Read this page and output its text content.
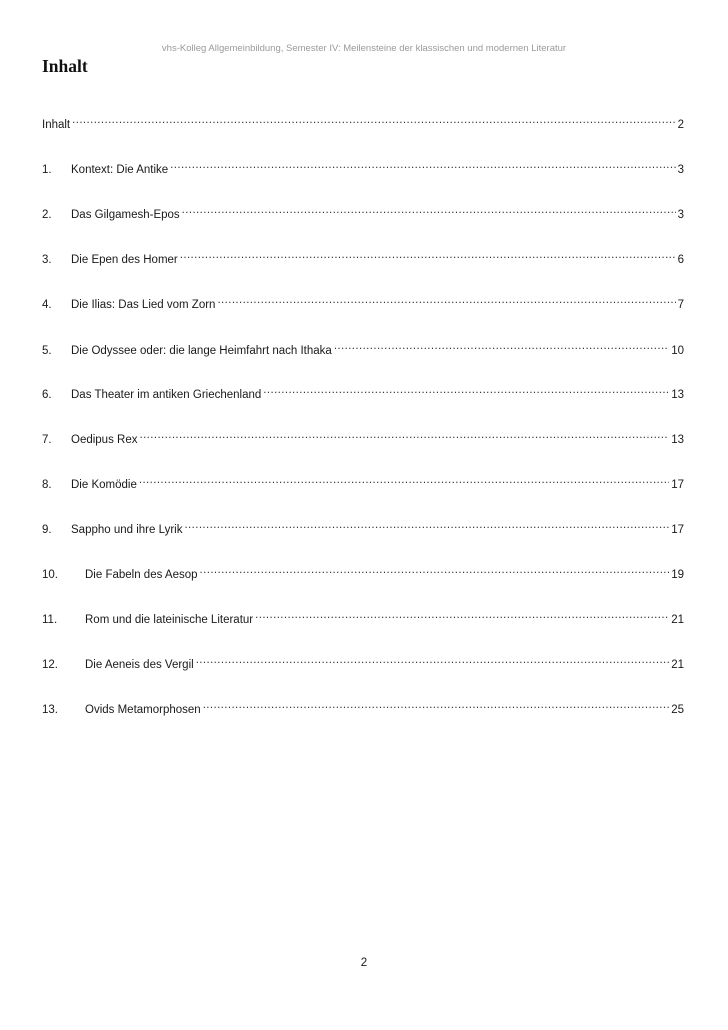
vhs-Kolleg Allgemeinbildung, Semester IV: Meilensteine der klassischen und modernen Literatur
Inhalt
Inhalt .....	2
1.	Kontext: Die Antike .....	3
2.	Das Gilgamesh-Epos .....	3
3.	Die Epen des Homer .....	6
4.	Die Ilias: Das Lied vom Zorn .....	7
5.	Die Odyssee oder: die lange Heimfahrt nach Ithaka .....	10
6.	Das Theater im antiken Griechenland .....	13
7.	Oedipus Rex .....	13
8.	Die Komödie .....	17
9.	Sappho und ihre Lyrik .....	17
10.	Die Fabeln des Aesop .....	19
11.	Rom und die lateinische Literatur .....	21
12.	Die Aeneis des Vergil .....	21
13.	Ovids Metamorphosen .....	25
2
